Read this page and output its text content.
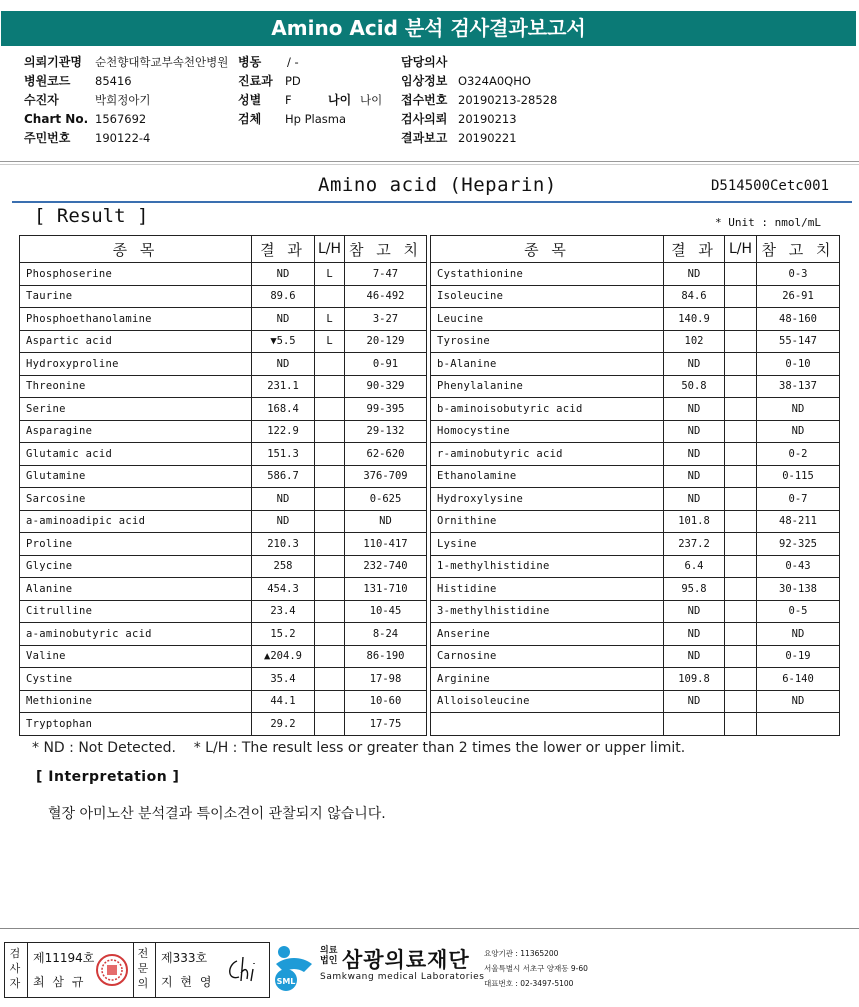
Amino Acid 분석 검사결과보고서
의뢰기관명 순천향대학교부속천안병원
병원코드 85416
수진자	박희정아기
Chart No. 1567692
주민번호 190122-4
병동 / -
진료과 PD
성별 F	나이 나이
검체 Hp Plasma
담당의사
임상정보 O324A0QHO
접수번호 20190213-28528
검사의뢰 20190213
결과보고 20190221
Amino acid (Heparin)	D514500Cetc001
[ Result ]	* Unit : nmol/mL
종 목	결 과	L/H	참 고 치
Phosphoserine	ND	L	7-47
Taurine	89.6		46-492
Phosphoethanolamine	ND	L	3-27
Aspartic acid	▼5.5	L	20-129
Hydroxyproline	ND		0-91
Threonine	231.1		90-329
Serine	168.4		99-395
Asparagine	122.9		29-132
Glutamic acid	151.3		62-620
Glutamine	586.7		376-709
Sarcosine	ND		0-625
a-aminoadipic acid	ND		ND
Proline	210.3		110-417
Glycine	258		232-740
Alanine	454.3		131-710
Citrulline	23.4		10-45
a-aminobutyric acid	15.2		8-24
Valine	▲204.9		86-190
Cystine	35.4		17-98
Methionine	44.1		10-60
Tryptophan	29.2		17-75
종 목	결 과	L/H	참 고 치
Cystathionine	ND		0-3
Isoleucine	84.6		26-91
Leucine	140.9		48-160
Tyrosine	102		55-147
b-Alanine	ND		0-10
Phenylalanine	50.8		38-137
b-aminoisobutyric acid	ND		ND
Homocystine	ND		ND
r-aminobutyric acid	ND		0-2
Ethanolamine	ND		0-115
Hydroxylysine	ND		0-7
Ornithine	101.8		48-211
Lysine	237.2		92-325
1-methylhistidine	6.4		0-43
Histidine	95.8		30-138
3-methylhistidine	ND		0-5
Anserine	ND		ND
Carnosine	ND		0-19
Arginine	109.8		6-140
Alloisoleucine	ND		ND

* ND : Not Detected.    * L/H : The result less or greater than 2 times the lower or upper limit.
[ Interpretation ]
혈장 아미노산 분석결과 특이소견이 관찰되지 않습니다.
검사자
제11194호
최 삼 규
전문의
제333호
지 현 영	SML
의료
법인 삼광의료재단
Samkwang medical Laboratories
요양기관 : 11365200
서울특별시 서초구 양재동 9-60
대표번호 : 02-3497-5100
